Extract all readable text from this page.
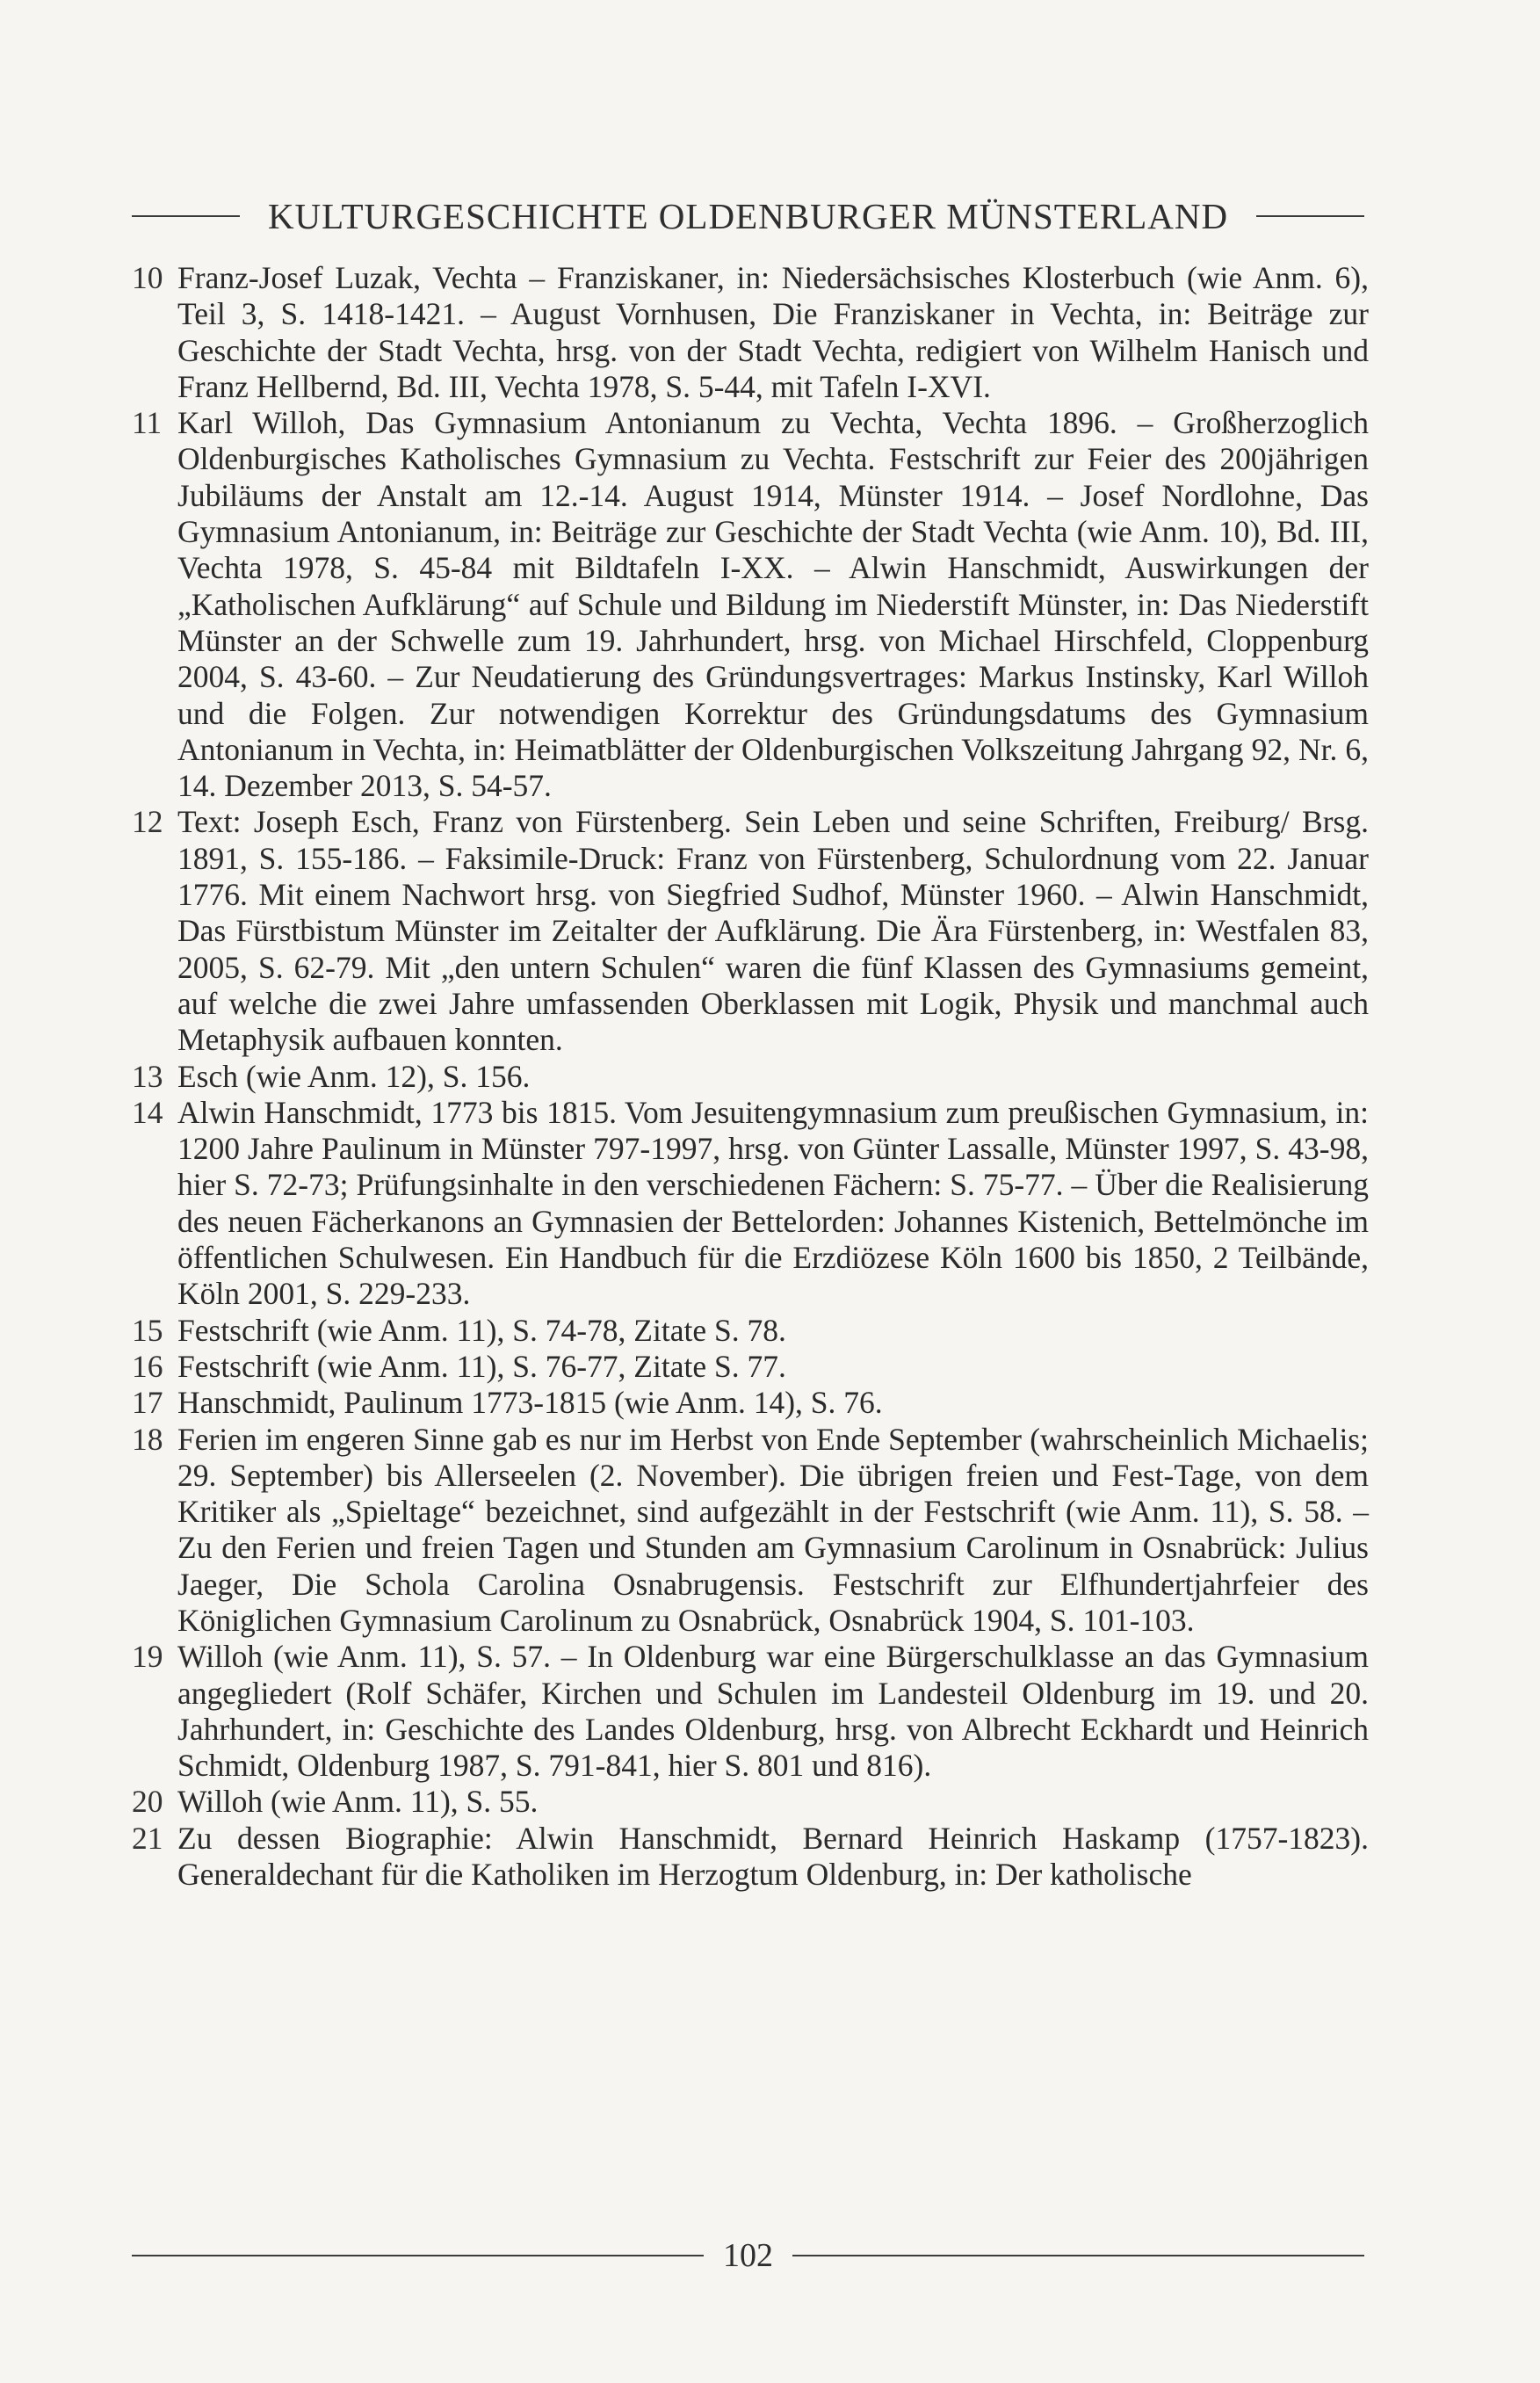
KULTURGESCHICHTE OLDENBURGER MÜNSTERLAND
10 Franz-Josef Luzak, Vechta – Franziskaner, in: Niedersächsisches Klosterbuch (wie Anm. 6), Teil 3, S. 1418-1421. – August Vornhusen, Die Franziskaner in Vechta, in: Beiträge zur Geschichte der Stadt Vechta, hrsg. von der Stadt Vechta, redigiert von Wilhelm Hanisch und Franz Hellbernd, Bd. III, Vechta 1978, S. 5-44, mit Tafeln I-XVI.
11 Karl Willoh, Das Gymnasium Antonianum zu Vechta, Vechta 1896. – Großherzoglich Oldenburgisches Katholisches Gymnasium zu Vechta. Festschrift zur Feier des 200jährigen Jubiläums der Anstalt am 12.-14. August 1914, Münster 1914. – Josef Nordlohne, Das Gymnasium Antonianum, in: Beiträge zur Geschichte der Stadt Vechta (wie Anm. 10), Bd. III, Vechta 1978, S. 45-84 mit Bildtafeln I-XX. – Alwin Hanschmidt, Auswirkungen der „Katholischen Aufklärung“ auf Schule und Bildung im Niederstift Münster, in: Das Niederstift Münster an der Schwelle zum 19. Jahrhundert, hrsg. von Michael Hirschfeld, Cloppenburg 2004, S. 43-60. – Zur Neudatierung des Gründungsvertrages: Markus Instinsky, Karl Willoh und die Folgen. Zur notwendigen Korrektur des Gründungsdatums des Gymnasium Antonianum in Vechta, in: Heimatblätter der Oldenburgischen Volkszeitung Jahrgang 92, Nr. 6, 14. Dezember 2013, S. 54-57.
12 Text: Joseph Esch, Franz von Fürstenberg. Sein Leben und seine Schriften, Freiburg/ Brsg. 1891, S. 155-186. – Faksimile-Druck: Franz von Fürstenberg, Schulordnung vom 22. Januar 1776. Mit einem Nachwort hrsg. von Siegfried Sudhof, Münster 1960. – Alwin Hanschmidt, Das Fürstbistum Münster im Zeitalter der Aufklärung. Die Ära Fürstenberg, in: Westfalen 83, 2005, S. 62-79. Mit „den untern Schulen“ waren die fünf Klassen des Gymnasiums gemeint, auf welche die zwei Jahre umfassenden Oberklassen mit Logik, Physik und manchmal auch Metaphysik aufbauen konnten.
13 Esch (wie Anm. 12), S. 156.
14 Alwin Hanschmidt, 1773 bis 1815. Vom Jesuitengymnasium zum preußischen Gymnasium, in: 1200 Jahre Paulinum in Münster 797-1997, hrsg. von Günter Lassalle, Münster 1997, S. 43-98, hier S. 72-73; Prüfungsinhalte in den verschiedenen Fächern: S. 75-77. – Über die Realisierung des neuen Fächerkanons an Gymnasien der Bettelorden: Johannes Kistenich, Bettelmönche im öffentlichen Schulwesen. Ein Handbuch für die Erzdiözese Köln 1600 bis 1850, 2 Teilbände, Köln 2001, S. 229-233.
15 Festschrift (wie Anm. 11), S. 74-78, Zitate S. 78.
16 Festschrift (wie Anm. 11), S. 76-77, Zitate S. 77.
17 Hanschmidt, Paulinum 1773-1815 (wie Anm. 14), S. 76.
18 Ferien im engeren Sinne gab es nur im Herbst von Ende September (wahrscheinlich Michaelis; 29. September) bis Allerseelen (2. November). Die übrigen freien und Fest-Tage, von dem Kritiker als „Spieltage“ bezeichnet, sind aufgezählt in der Festschrift (wie Anm. 11), S. 58. – Zu den Ferien und freien Tagen und Stunden am Gymnasium Carolinum in Osnabrück: Julius Jaeger, Die Schola Carolina Osnabrugensis. Festschrift zur Elfhundertjahrfeier des Königlichen Gymnasium Carolinum zu Osnabrück, Osnabrück 1904, S. 101-103.
19 Willoh (wie Anm. 11), S. 57. – In Oldenburg war eine Bürgerschulklasse an das Gymnasium angegliedert (Rolf Schäfer, Kirchen und Schulen im Landesteil Oldenburg im 19. und 20. Jahrhundert, in: Geschichte des Landes Oldenburg, hrsg. von Albrecht Eckhardt und Heinrich Schmidt, Oldenburg 1987, S. 791-841, hier S. 801 und 816).
20 Willoh (wie Anm. 11), S. 55.
21 Zu dessen Biographie: Alwin Hanschmidt, Bernard Heinrich Haskamp (1757-1823). Generaldechant für die Katholiken im Herzogtum Oldenburg, in: Der katholische
102
